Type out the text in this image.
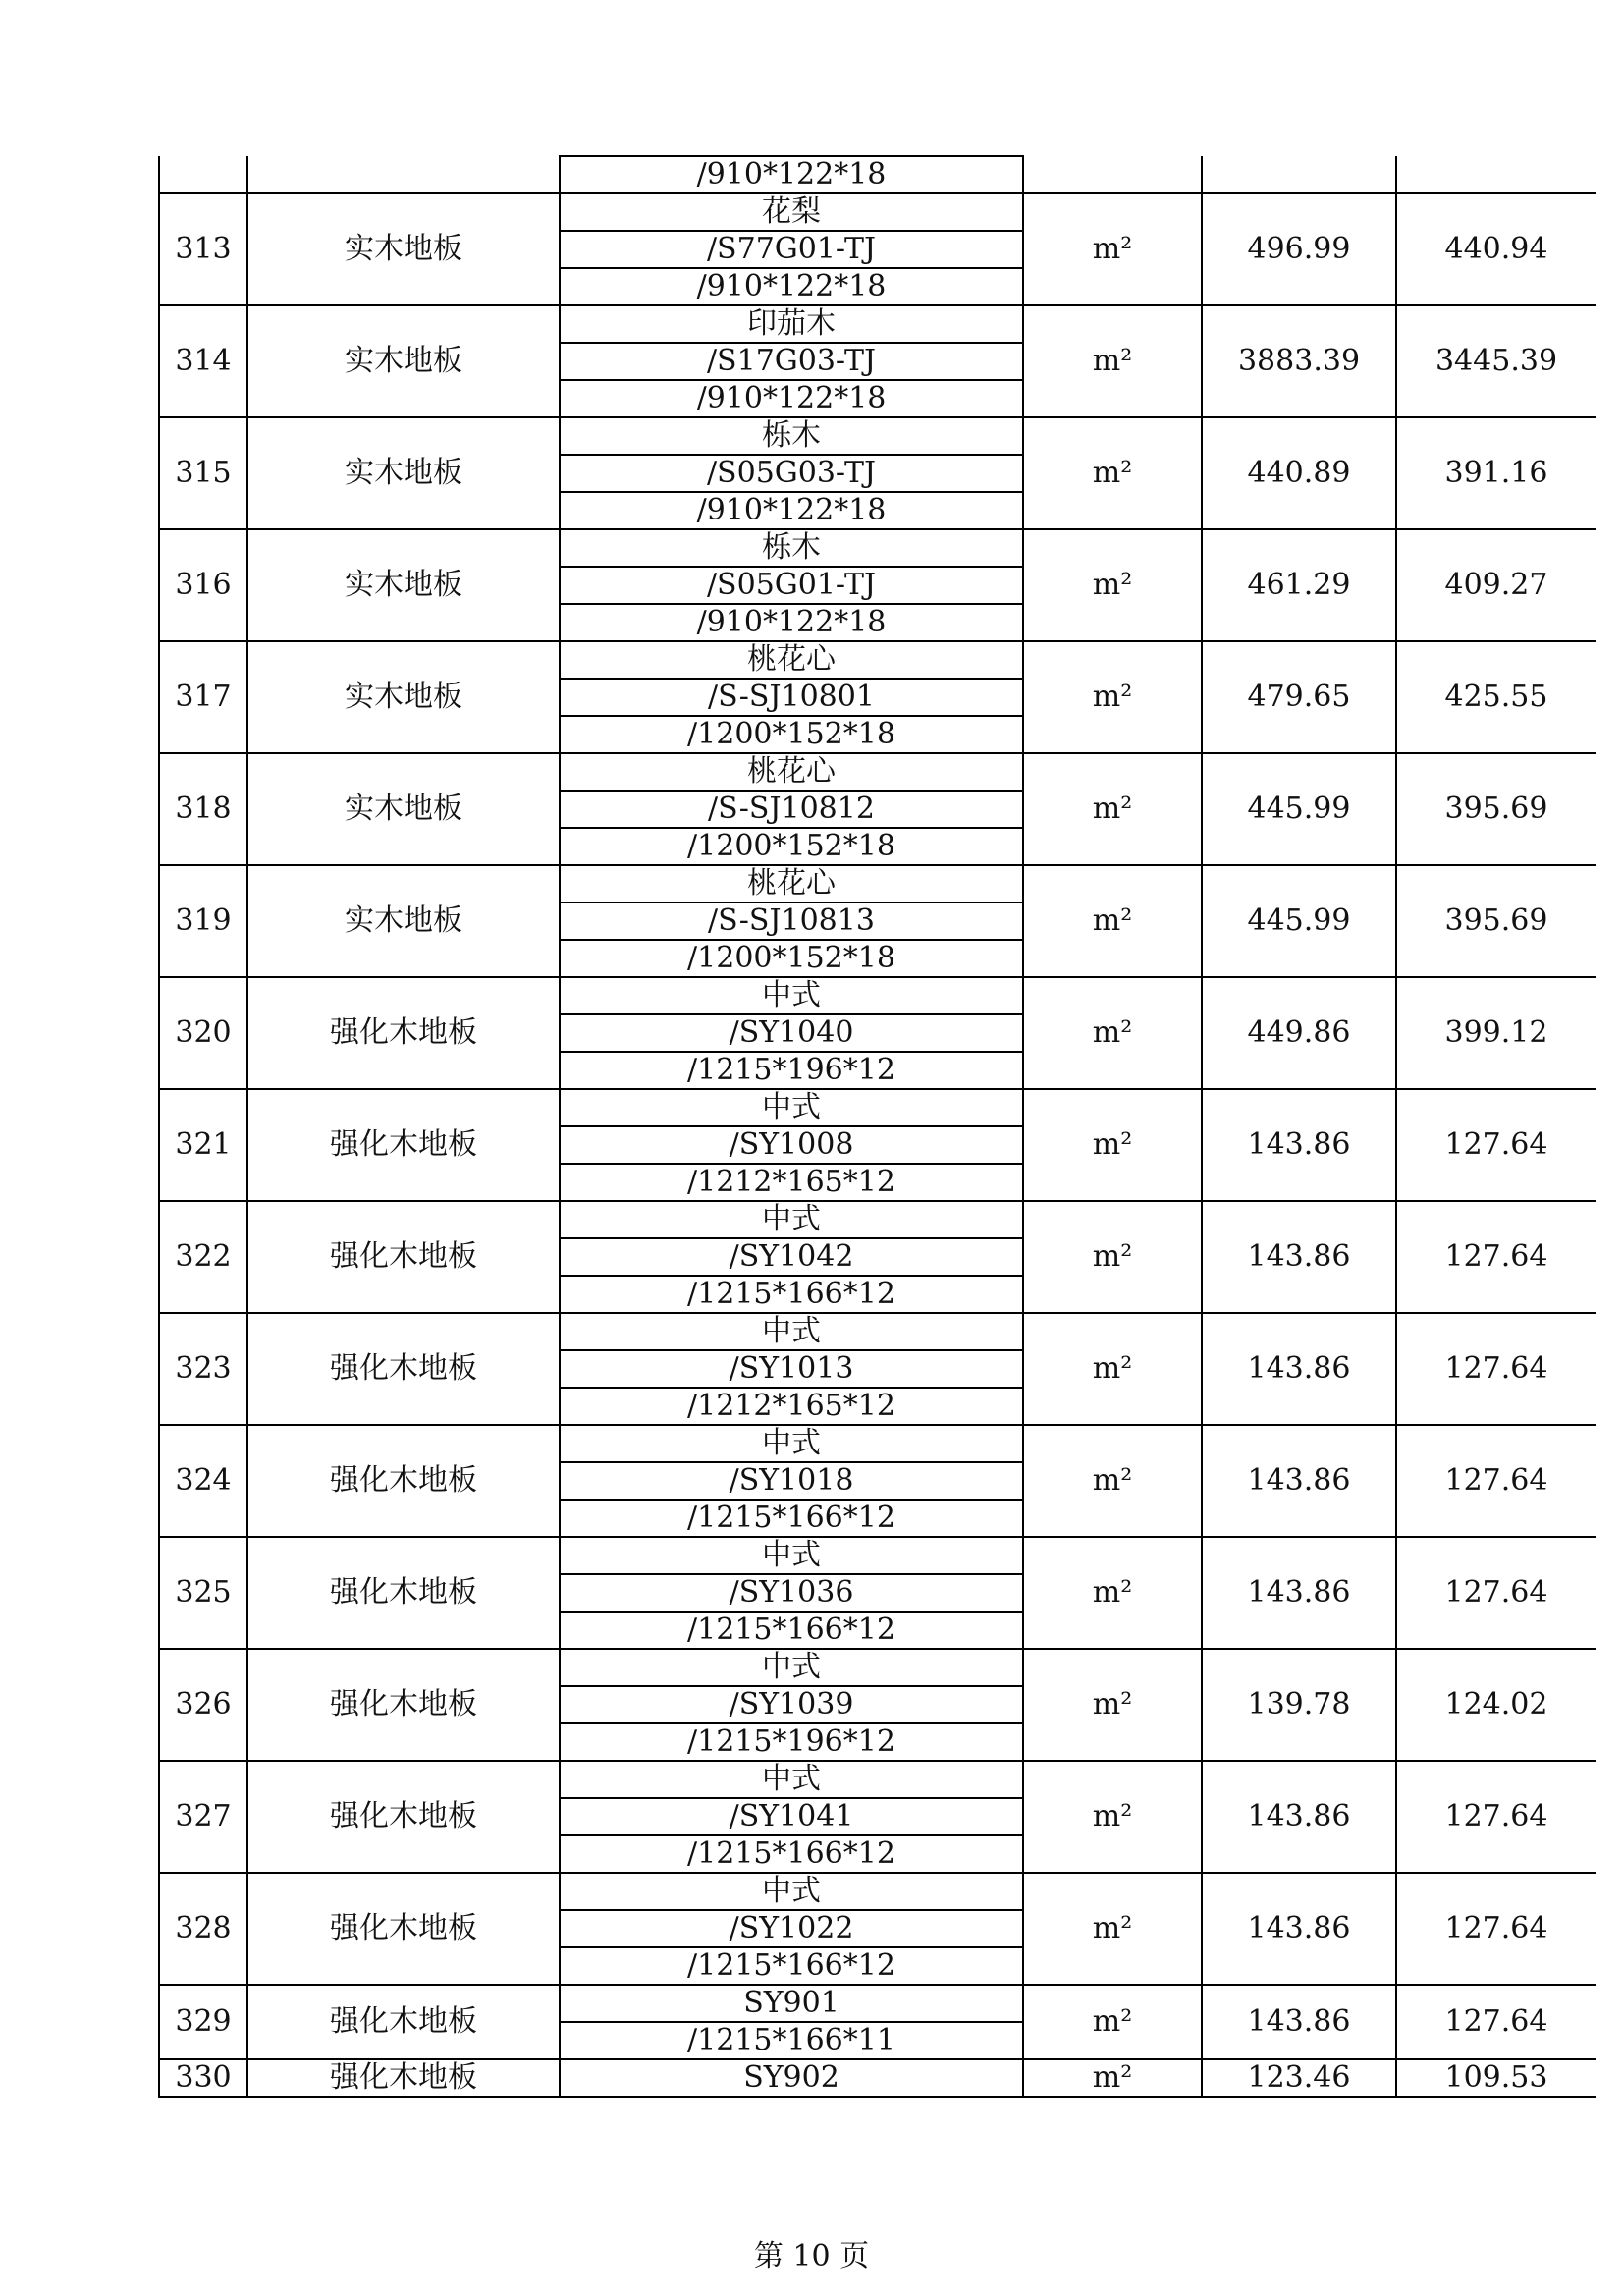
		/910*122*18			
313	实木地板	花梨	m²	496.99	440.94
		/S77G01-TJ			
		/910*122*18			
314	实木地板	印茄木	m²	3883.39	3445.39
		/S17G03-TJ			
		/910*122*18			
315	实木地板	栎木	m²	440.89	391.16
		/S05G03-TJ			
		/910*122*18			
316	实木地板	栎木	m²	461.29	409.27
		/S05G01-TJ			
		/910*122*18			
317	实木地板	桃花心	m²	479.65	425.55
		/S-SJ10801			
		/1200*152*18			
318	实木地板	桃花心	m²	445.99	395.69
		/S-SJ10812			
		/1200*152*18			
319	实木地板	桃花心	m²	445.99	395.69
		/S-SJ10813			
		/1200*152*18			
320	强化木地板	中式	m²	449.86	399.12
		/SY1040			
		/1215*196*12			
321	强化木地板	中式	m²	143.86	127.64
		/SY1008			
		/1212*165*12			
322	强化木地板	中式	m²	143.86	127.64
		/SY1042			
		/1215*166*12			
323	强化木地板	中式	m²	143.86	127.64
		/SY1013			
		/1212*165*12			
324	强化木地板	中式	m²	143.86	127.64
		/SY1018			
		/1215*166*12			
325	强化木地板	中式	m²	143.86	127.64
		/SY1036			
		/1215*166*12			
326	强化木地板	中式	m²	139.78	124.02
		/SY1039			
		/1215*196*12			
327	强化木地板	中式	m²	143.86	127.64
		/SY1041			
		/1215*166*12			
328	强化木地板	中式	m²	143.86	127.64
		/SY1022			
		/1215*166*12			
329	强化木地板	SY901	m²	143.86	127.64
		/1215*166*11			
330	强化木地板	SY902	m²	123.46	109.53
第 10 页
